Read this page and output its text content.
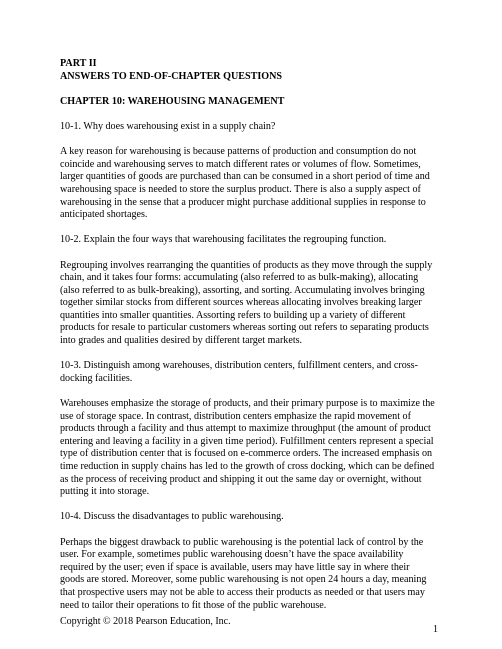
PART II
ANSWERS TO END-OF-CHAPTER QUESTIONS
CHAPTER 10: WAREHOUSING MANAGEMENT

10-1. Why does warehousing exist in a supply chain?

A key reason for warehousing is because patterns of production and consumption do not coincide and warehousing serves to match different rates or volumes of flow. Sometimes, larger quantities of goods are purchased than can be consumed in a short period of time and warehousing space is needed to store the surplus product. There is also a supply aspect of warehousing in the sense that a producer might purchase additional supplies in response to anticipated shortages.

10-2. Explain the four ways that warehousing facilitates the regrouping function.

Regrouping involves rearranging the quantities of products as they move through the supply chain, and it takes four forms: accumulating (also referred to as bulk-making), allocating (also referred to as bulk-breaking), assorting, and sorting. Accumulating involves bringing together similar stocks from different sources whereas allocating involves breaking larger quantities into smaller quantities. Assorting refers to building up a variety of different products for resale to particular customers whereas sorting out refers to separating products into grades and qualities desired by different target markets.

10-3. Distinguish among warehouses, distribution centers, fulfillment centers, and cross-docking facilities.

Warehouses emphasize the storage of products, and their primary purpose is to maximize the use of storage space. In contrast, distribution centers emphasize the rapid movement of products through a facility and thus attempt to maximize throughput (the amount of product entering and leaving a facility in a given time period). Fulfillment centers represent a special type of distribution center that is focused on e-commerce orders. The increased emphasis on time reduction in supply chains has led to the growth of cross docking, which can be defined as the process of receiving product and shipping it out the same day or overnight, without putting it into storage.

10-4. Discuss the disadvantages to public warehousing.

Perhaps the biggest drawback to public warehousing is the potential lack of control by the user. For example, sometimes public warehousing doesn’t have the space availability required by the user; even if space is available, users may have little say in where their goods are stored. Moreover, some public warehousing is not open 24 hours a day, meaning that prospective users may not be able to access their products as needed or that users may need to tailor their operations to fit those of the public warehouse.

Copyright © 2018 Pearson Education, Inc.
1
